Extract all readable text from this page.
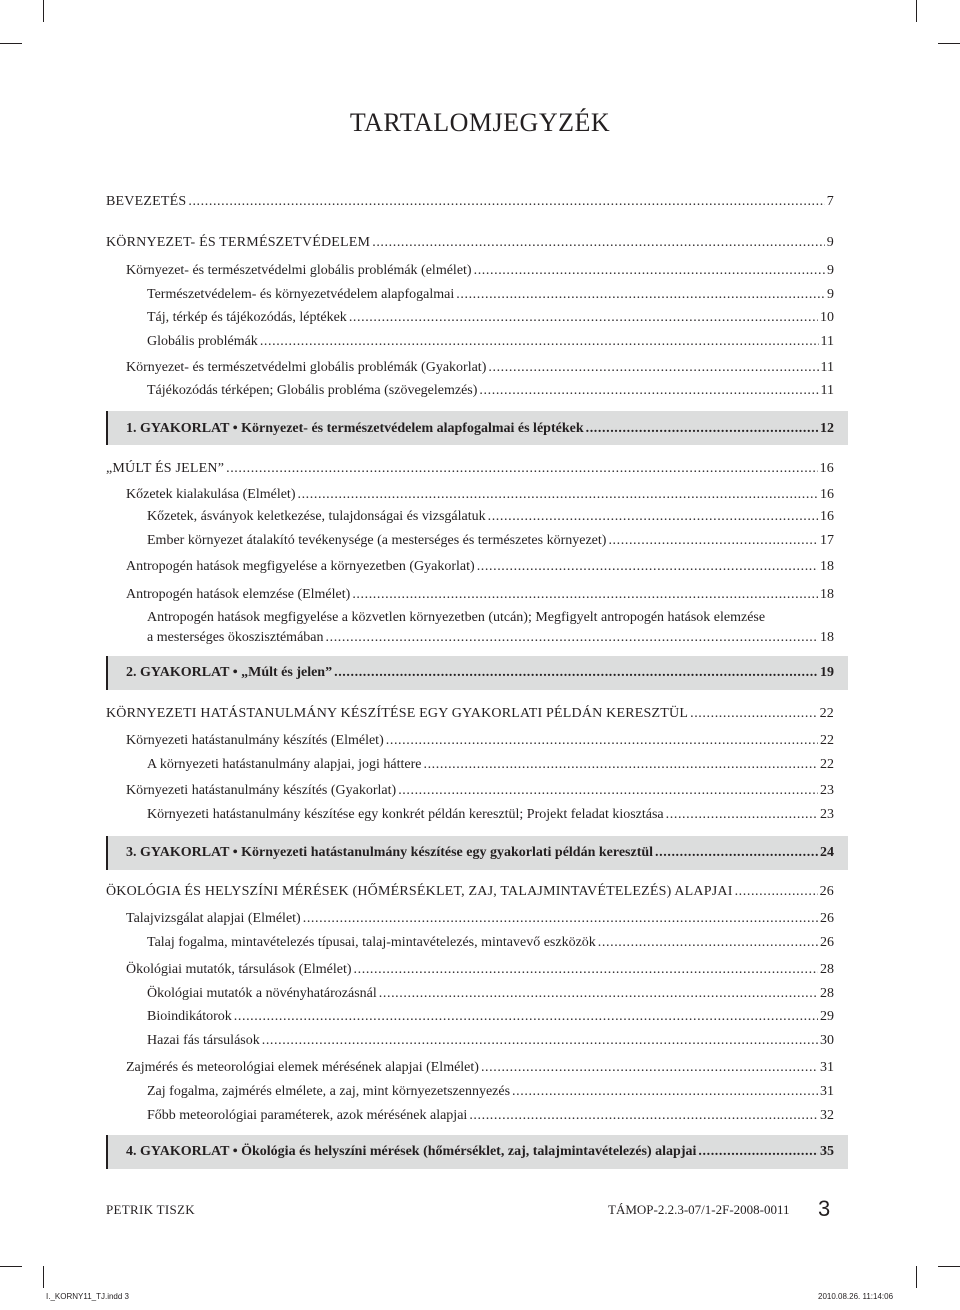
TARTALOMJEGYZÉK
BEVEZETÉS .....	7
KÖRNYEZET- ÉS TERMÉSZETVÉDELEM .....	9
Környezet- és természetvédelmi globális problémák (elmélet) .....	9
Természetvédelem- és környezetvédelem alapfogalmai .....	9
Táj, térkép és tájékozódás, léptékek .....	10
Globális problémák .....	11
Környezet- és természetvédelmi globális problémák (Gyakorlat) .....	11
Tájékozódás térképen; Globális probléma (szövegelemzés) .....	11
1. GYAKORLAT • Környezet- és természetvédelem alapfogalmai és léptékek .....	12
„MÚLT ÉS JELEN” .....	16
Kőzetek kialakulása (Elmélet) .....	16
Kőzetek, ásványok keletkezése, tulajdonságai és vizsgálatuk .....	16
Ember környezet átalakító tevékenysége (a mesterséges és természetes környezet) .....	17
Antropogén hatások megfigyelése a környezetben (Gyakorlat) .....	18
Antropogén hatások elemzése (Elmélet) .....	18
Antropogén hatások megfigyelése a közvetlen környezetben (utcán); Megfigyelt antropogén hatások elemzése
a mesterséges ökoszisztémában .....	18
2. GYAKORLAT • „Múlt és jelen” .....	19
KÖRNYEZETI HATÁSTANULMÁNY KÉSZÍTÉSE EGY GYAKORLATI PÉLDÁN KERESZTÜL .....	22
Környezeti hatástanulmány készítés (Elmélet) .....	22
A környezeti hatástanulmány alapjai, jogi háttere .....	22
Környezeti hatástanulmány készítés (Gyakorlat) .....	23
Környezeti hatástanulmány készítése egy konkrét példán keresztül; Projekt feladat kiosztása .....	23
3. GYAKORLAT • Környezeti hatástanulmány készítése egy gyakorlati példán keresztül .....	24
ÖKOLÓGIA ÉS HELYSZÍNI MÉRÉSEK (HŐMÉRSÉKLET, ZAJ, TALAJMINTAVÉTELEZÉS) ALAPJAI .....	26
Talajvizsgálat alapjai (Elmélet) .....	26
Talaj fogalma, mintavételezés típusai, talaj-mintavételezés, mintavevő eszközök .....	26
Ökológiai mutatók, társulások (Elmélet) .....	28
Ökológiai mutatók a növényhatározásnál .....	28
Bioindikátorok .....	29
Hazai fás társulások .....	30
Zajmérés és meteorológiai elemek mérésének alapjai (Elmélet) .....	31
Zaj fogalma, zajmérés elmélete, a zaj, mint környezetszennyezés .....	31
Főbb meteorológiai paraméterek, azok mérésének alapjai .....	32
4. GYAKORLAT • Ökológia és helyszíni mérések (hőmérséklet, zaj, talajmintavételezés) alapjai .....	35
PETRIK TISZK	TÁMOP-2.2.3-07/1-2F-2008-0011 3
I._KORNY11_TJ.indd 3	2010.08.26. 11:14:06
